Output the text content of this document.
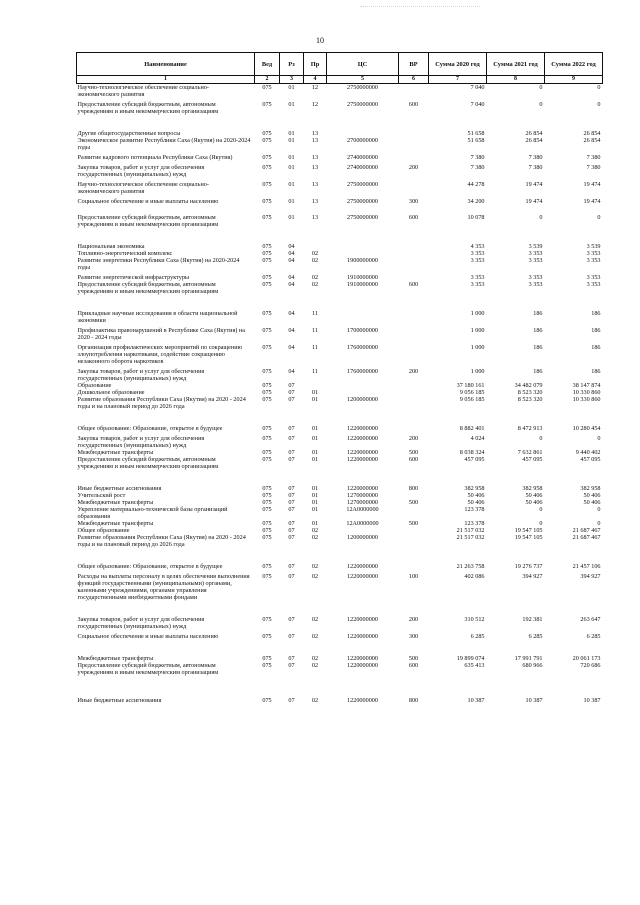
10
Наименование	Вед	Рз	Пр	ЦС	ВР	Сумма 2020 год	Сумма 2021 год	Сумма 2022 год
1	2	3	4	5	6	7	8	9
Научно-технологическое обеспечение социально-экономического развития	075	01	12	2750000000		7 040	0	0
Предоставление субсидий бюджетным, автономным учреждениям и иным некоммерческим организациям	075	01	12	2750000000	600	7 040	0	0
Другие общегосударственные вопросы	075	01	13			51 658	26 854	26 854
Экономическое развитие Республики Саха (Якутия) на 2020-2024 годы	075	01	13	2700000000		51 658	26 854	26 854
Развитие кадрового потенциала Республики Саха (Якутия)	075	01	13	2740000000		7 380	7 380	7 380
Закупка товаров, работ и услуг для обеспечения государственных (муниципальных) нужд	075	01	13	2740000000	200	7 380	7 380	7 380
Научно-технологическое обеспечение социально-экономического развития	075	01	13	2750000000		44 278	19 474	19 474
Социальное обеспечение и иные выплаты населению	075	01	13	2750000000	300	34 200	19 474	19 474
Предоставление субсидий бюджетным, автономным учреждениям и иным некоммерческим организациям	075	01	13	2750000000	600	10 078	0	0
Национальная экономика	075	04				4 353	3 539	3 539
Топливно-энергетический комплекс	075	04	02			3 353	3 353	3 353
Развитие энергетики Республики Саха (Якутия) на 2020-2024 годы	075	04	02	1900000000		3 353	3 353	3 353
Развитие энергетической инфраструктуры	075	04	02	1910000000		3 353	3 353	3 353
Предоставление субсидий бюджетным, автономным учреждениям и иным некоммерческим организациям	075	04	02	1910000000	600	3 353	3 353	3 353
Прикладные научные исследования в области национальной экономики	075	04	11			1 000	186	186
Профилактика правонарушений в Республике Саха (Якутия) на 2020 - 2024 годы	075	04	11	1700000000		1 000	186	186
Организация профилактических мероприятий по сокращению злоупотребления наркотиками, содействие сокращению незаконного оборота наркотиков	075	04	11	1760000000		1 000	186	186
Закупка товаров, работ и услуг для обеспечения государственных (муниципальных) нужд	075	04	11	1760000000	200	1 000	186	186
Образование	075	07				37 180 161	34 482 079	38 147 874
Дошкольное образование	075	07	01			9 056 185	8 523 320	10 330 860
Развитие образования Республики Саха (Якутия) на 2020 - 2024 годы и на плановый период до 2026 года	075	07	01	1200000000		9 056 185	8 523 320	10 330 860
Общее образование: Образование, открытое в будущее	075	07	01	1220000000		8 882 401	8 472 913	10 280 454
Закупка товаров, работ и услуг для обеспечения государственных (муниципальных) нужд	075	07	01	1220000000	200	4 024	0	0
Межбюджетные трансферты	075	07	01	1220000000	500	8 038 324	7 632 861	9 440 402
Предоставление субсидий бюджетным, автономным учреждениям и иным некоммерческим организациям	075	07	01	1220000000	600	457 095	457 095	457 095
Иные бюджетные ассигнования	075	07	01	1220000000	800	382 958	382 958	382 958
Учительский рост	075	07	01	1270000000		50 406	50 406	50 406
Межбюджетные трансферты	075	07	01	1270000000	500	50 406	50 406	50 406
Укрепление материально-технической базы организаций образования	075	07	01	12А0000000		123 378	0	0
Межбюджетные трансферты	075	07	01	12А0000000	500	123 378	0	0
Общее образование	075	07	02			21 517 032	19 547 105	21 687 467
Развитие образования Республики Саха (Якутия) на 2020 - 2024 годы и на плановый период до 2026 года	075	07	02	1200000000		21 517 032	19 547 105	21 687 467
Общее образование: Образование, открытое в будущее	075	07	02	1220000000		21 263 758	19 276 737	21 457 106
Расходы на выплаты персоналу в целях обеспечения выполнения функций государственными (муниципальными) органами, казенными учреждениями, органами управления государственными внебюджетными фондами	075	07	02	1220000000	100	402 086	394 927	394 927
Закупка товаров, работ и услуг для обеспечения государственных (муниципальных) нужд	075	07	02	1220000000	200	310 512	192 381	263 647
Социальное обеспечение и иные выплаты населению	075	07	02	1220000000	300	6 285	6 285	6 285
Межбюджетные трансферты	075	07	02	1220000000	500	19 899 074	17 991 791	20 061 173
Предоставление субсидий бюджетным, автономным учреждениям и иным некоммерческим организациям	075	07	02	1220000000	600	635 413	680 966	720 686
Иные бюджетные ассигнования	075	07	02	1220000000	800	10 387	10 387	10 387
